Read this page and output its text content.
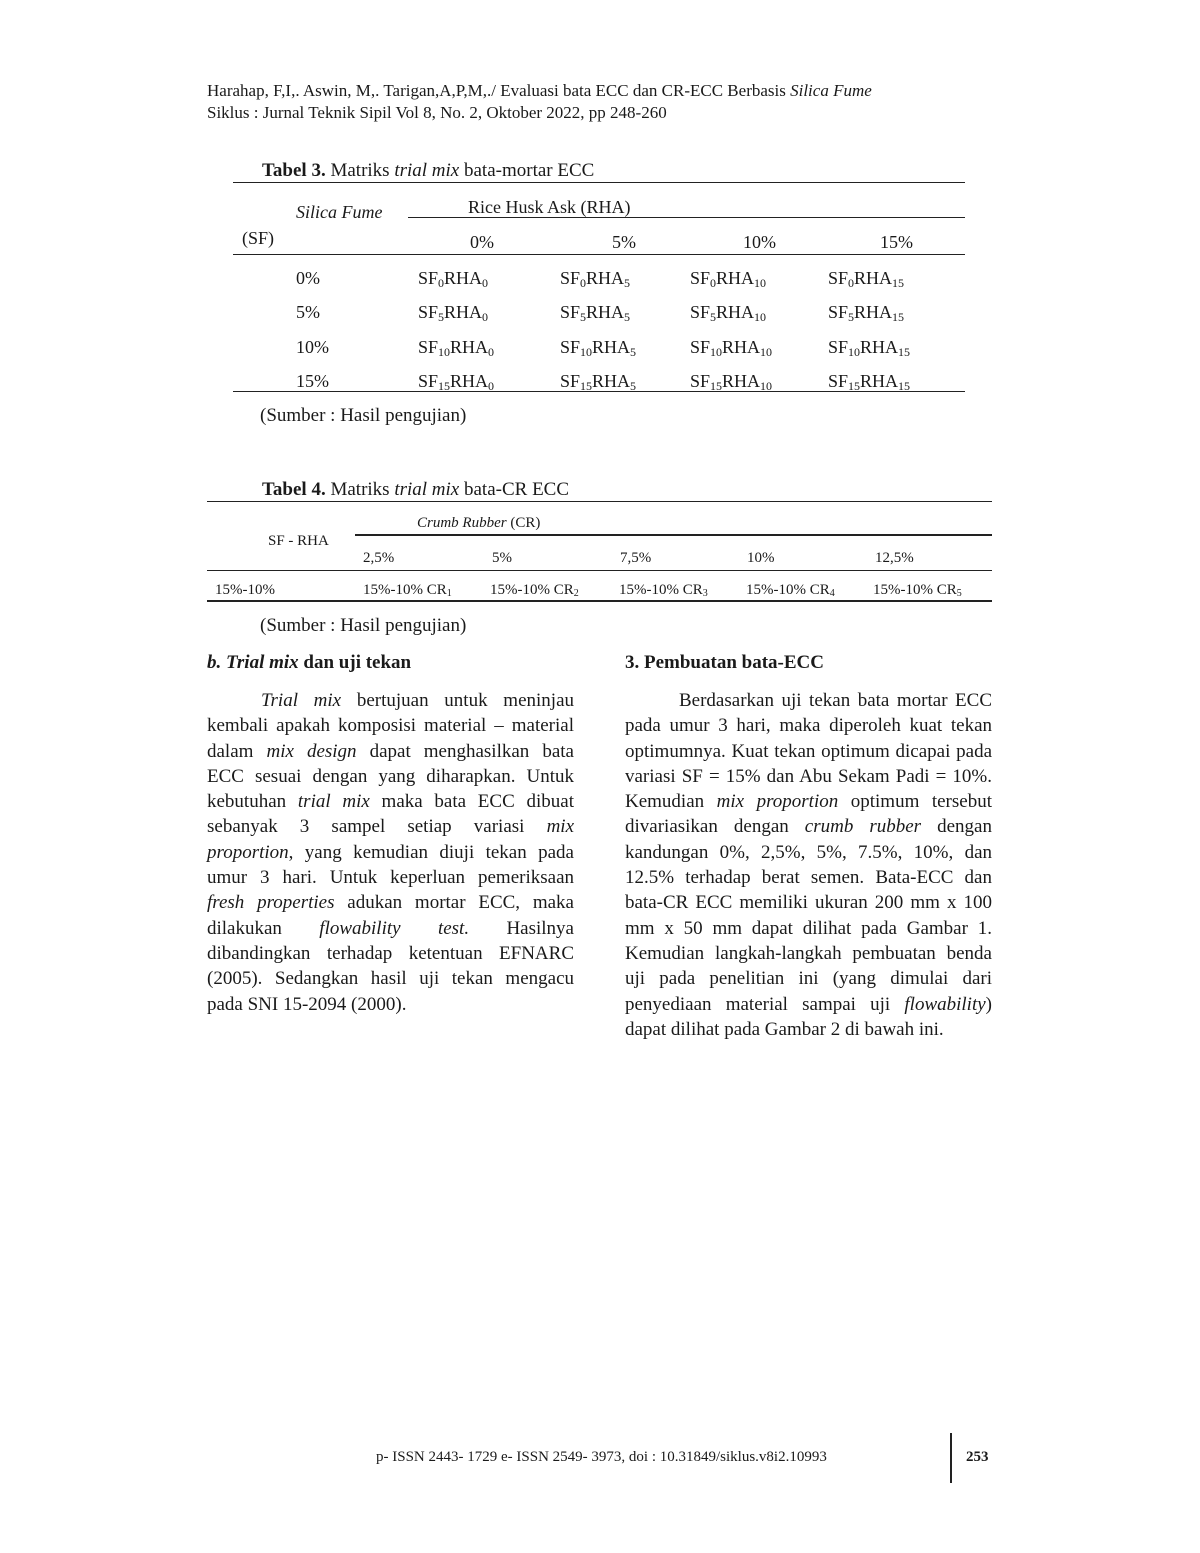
Harahap, F,I,. Aswin, M,. Tarigan,A,P,M,./ Evaluasi bata ECC dan CR-ECC Berbasis Silica Fume
Siklus : Jurnal Teknik Sipil Vol 8, No. 2, Oktober 2022, pp 248-260
Tabel 3. Matriks trial mix bata-mortar ECC
Silica Fume
(SF)
Rice Husk Ask (RHA)
0%	5%	10%	15%
0%	$SF_0RHA_0$	$SF_0RHA_5$	$SF_0RHA_{10}$	$SF_0RHA_{15}$
5%	$SF_5RHA_0$	$SF_5RHA_5$	$SF_5RHA_{10}$	$SF_5RHA_{15}$
10%	$SF_{10}RHA_0$	$SF_{10}RHA_5$	$SF_{10}RHA_{10}$	$SF_{10}RHA_{15}$
15%	$SF_{15}RHA_0$	$SF_{15}RHA_5$	$SF_{15}RHA_{10}$	$SF_{15}RHA_{15}$
(Sumber : Hasil pengujian)
Tabel 4. Matriks trial mix bata-CR ECC
SF - RHA
Crumb Rubber (CR)
2,5%	5%	7,5%	10%	12,5%
15%-10%	15%-10% $CR_1$	15%-10% $CR_2$	15%-10% $CR_3$	15%-10% $CR_4$	15%-10% $CR_5$
(Sumber : Hasil pengujian)
b. Trial mix dan uji tekan	3. Pembuatan bata-ECC
Trial mix bertujuan untuk meninjau kembali apakah komposisi material – material dalam mix design dapat menghasilkan bata ECC sesuai dengan yang diharapkan. Untuk kebutuhan trial mix maka bata ECC dibuat sebanyak 3 sampel setiap variasi mix proportion, yang kemudian diuji tekan pada umur 3 hari. Untuk keperluan pemeriksaan fresh properties adukan mortar ECC, maka dilakukan flowability test. Hasilnya dibandingkan terhadap ketentuan EFNARC (2005). Sedangkan hasil uji tekan mengacu pada SNI 15-2094 (2000).
Berdasarkan uji tekan bata mortar ECC pada umur 3 hari, maka diperoleh kuat tekan optimumnya. Kuat tekan optimum dicapai pada variasi SF = 15% dan Abu Sekam Padi = 10%. Kemudian mix proportion optimum tersebut divariasikan dengan crumb rubber dengan kandungan 0%, 2,5%, 5%, 7.5%, 10%, dan 12.5% terhadap berat semen. Bata-ECC dan bata-CR ECC memiliki ukuran 200 mm x 100 mm x 50 mm dapat dilihat pada Gambar 1. Kemudian langkah-langkah pembuatan benda uji pada penelitian ini (yang dimulai dari penyediaan material sampai uji flowability) dapat dilihat pada Gambar 2 di bawah ini.
p- ISSN 2443- 1729 e- ISSN 2549- 3973, doi : 10.31849/siklus.v8i2.10993	253
